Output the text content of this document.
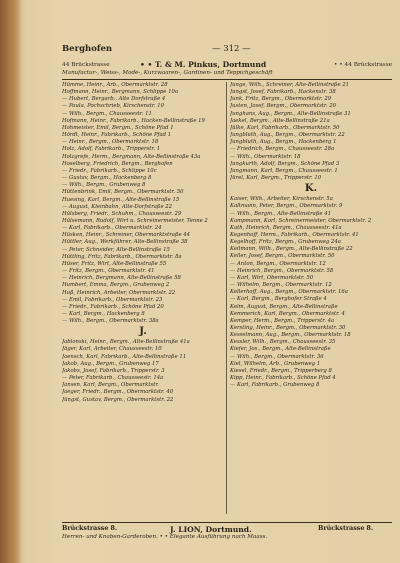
Berghofen	— 312 —
44 Brückstrasse	• • T. & M. Pinkus, Dortmund	• • 44 Brückstrasse
Manufactur-, Weiss-, Mode-, Kurzwaaren-, Gardinen- und Teppichgeschäft
Hümme, Heinr., Arb., Obermarktstr. 28
Hoffmann, Heinr., Bergmann, Schlippe 10a
— Hubert, Bergarb., Alte Dorfstraße 4
— Paula, Pochschrieb, Kirschenstr. 10
— Wilh., Bergm., Chausseestr. 11
Hofmann, Heinr., Fabrikarb., Hacken-Bellinstraße 19
Hohmeister, Emil, Bergm., Schöne Pfad 1
Hördt, Heinr., Fabrikarb., Schöne Pfad 1
— Heinr., Bergm., Obermarktstr. 18
Holz, Adolf, Fabrikarb., Tripperstr. 1
Holzgrefe, Herm., Bergmann, Alte-Bellinstraße 43a
Hoselberg, Friedrich, Bergm., Berghofen
— Friedr., Fabrikarb., Schlippe 10c
— Gustav, Bergm., Hackenberg 8
— Wilh., Bergm., Grubenweg 8
Hüttenbrink, Emil, Bergm., Obermarktstr. 50
Huesing, Karl, Bergm., Alte-Bellinstraße 15
— August, Kleinbahn, Alte-Dorfstraße 22
Hülsberg, Friedr., Schuhm., Chausseestr. 29
Hülsemann, Rudolf, Wirt u. Schreinermeister, Tenne 2
— Karl, Fabrikarb., Obermarktstr. 24
Hüsken, Heinr., Schreiner, Obermarktstraße 44
Hüttler, Aug., Werkführer, Alte-Bellinstraße 38
— Peter, Schneider, Alte-Bellinstraße 15
Hüttling, Fritz, Fabrikarb., Obermarktstr. 8a
Hüser, Fritz, Wirt, Alte-Bellinstraße 55
— Fritz, Bergm., Obermarktstr. 41
— Heinrich, Bergmann, Alte-Bellinstraße 58
Humbert, Emma, Bergm., Grubenweg 2
Huß, Heinrich, Arbeiter, Obermarktstr. 22
— Emil, Fabrikarb., Obermarktstr. 23
— Friedr., Fabrikarb., Schöne Pfad 20
— Karl, Bergm., Hackenberg 8
— Wilh., Bergm., Obermarktstr. 38a
J.
Jablonski, Heinr., Bergm., Alte-Bellinstraße 41a
Jäger, Karl, Arbeiter, Chausseestr. 10
Jaensch, Karl, Fabrikarb., Alte-Bellinstraße 11
Jakob, Aug., Bergm., Grubenweg 17
Jakobs, Josef, Fabrikarb., Tripperstr. 3
— Peter, Fabrikarb., Chausseestr. 14a
Jansen, Karl, Bergm., Obermarktstr.
Jaeger, Friedr., Bergm., Obermarktstr. 40
Jüngst, Gustav, Bergm., Obermarktstr. 22
Junge, Wilh., Schreiner, Alte-Bellinstraße 21
Jungst, Josef, Fabrikarb., Hackenstr. 38
Junk, Fritz, Bergm., Obermarktstr. 29
Justen, Josef, Bergm., Obermarktstr. 20
Junghans, Aug., Bergm., Alte-Bellinstraße 31
Jaekel, Bergm., Alte-Bellinstraße 21a
Jülke, Karl, Fabrikarb., Obermarktstr. 50
Jungbluth, Aug., Bergm., Obermarktstr. 22
Jungbluth, Aug., Bergm., Hackenberg 1
— Friedrich, Bergm., Chausseestr. 28a
— Wilh., Obermarktstr. 18
Jungkurth, Adolf, Bergm., Schöne Pfad 3
Jungmann, Karl, Bergm., Chausseestr. 1
Jürel, Karl, Bergm., Tripperstr. 10
K.
Kaiser, Wilh., Arbeiter, Kirschenstr. 5a
Kaltmann, Peter, Bergm., Obermarktstr. 9
— Wilh., Bergm., Alte-Bellinstraße 41
Kampmann, Karl, Schreinermeister, Obermarktstr. 2
Kath, Heinrich, Bergm., Chausseestr. 41a
Kegenhoff, Herm., Fabrikarb., Obermarktstr. 41
Kegelhoff, Fritz, Bergm., Grubenweg 24a
Keilmann, Wilh., Bergm., Alte-Bellinstraße 22
Keller, Josef, Bergm., Obermarktstr. 50
— Anton, Bergm., Obermarktstr. 12
— Heinrich, Bergm., Obermarktstr. 58
— Karl, Wirt, Obermarktstr. 50
— Wilhelm, Bergm., Obermarktstr. 12
Kellerhoff, Aug., Bergm., Obermarktstr. 16a
— Karl, Bergm., Berghofer Straße 4
Kelm, August, Bergm., Alte-Bellinstraße
Kemmerich, Karl, Bergm., Obermarktstr. 4
Kemper, Herm., Bergm., Tripperstr. 4a
Kersting, Heinr., Bergm., Obermarktstr. 30
Kesselmann, Aug., Bergm., Obermarktstr. 18
Kessler, Wilh., Bergm., Chausseestr. 35
Kiefer, Jos., Bergm., Alte-Bellinstraße
— Wilh., Bergm., Obermarktstr. 36
Kiel, Wilhelm, Arb., Grubenweg 1
Kiesel, Friedr., Bergm., Tripperberg 8
Kipp, Heinr., Fabrikarb., Schöne Pfad 4
— Karl, Fabrikarb., Grubenweg 8
Brückstrasse 8.	J. LION, Dortmund.	Brückstrasse 8.
Herren- und Knaben-Garderoben. • • Elegante Ausführung nach Maass.
